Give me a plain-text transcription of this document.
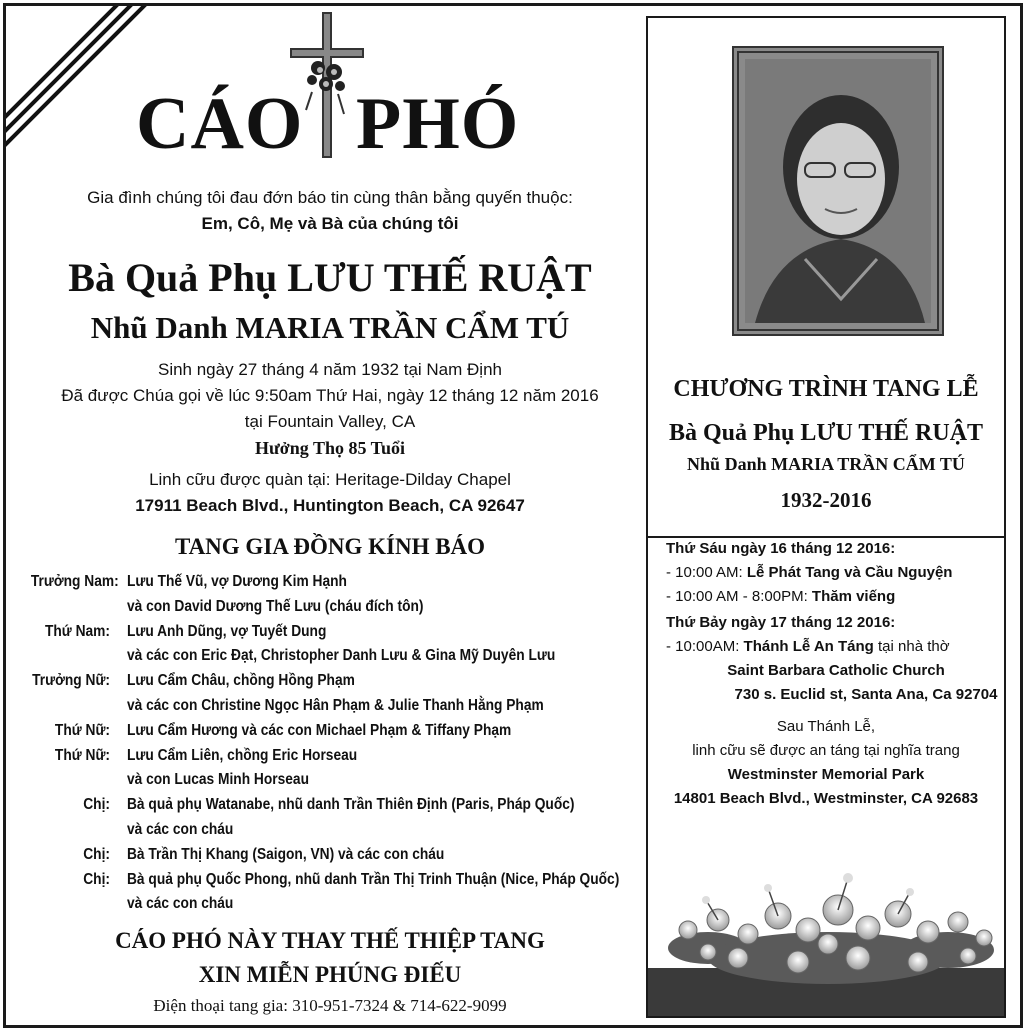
CÁO PHÓ
Gia đình chúng tôi đau đớn báo tin cùng thân bằng quyến thuộc:
Em, Cô, Mẹ và Bà của chúng tôi
Bà Quả Phụ LƯU THẾ RUẬT
Nhũ Danh MARIA TRẦN CẨM TÚ
Sinh ngày 27 tháng 4 năm 1932 tại Nam Định
Đã được Chúa gọi về lúc 9:50am Thứ Hai, ngày 12 tháng 12 năm 2016
tại Fountain Valley, CA
Hưởng Thọ 85 Tuổi
Linh cữu được quàn tại: Heritage-Dilday Chapel
17911 Beach Blvd., Huntington Beach, CA 92647
TANG GIA ĐỒNG KÍNH BÁO
Trưởng Nam: Lưu Thế Vũ, vợ Dương Kim Hạnh
và con David Dương Thế Lưu (cháu đích tôn)
Thứ Nam: Lưu Anh Dũng, vợ Tuyết Dung
và các con Eric Đạt, Christopher Danh Lưu & Gina Mỹ Duyên Lưu
Trưởng Nữ: Lưu Cẩm Châu, chồng Hồng Phạm
và các con Christine Ngọc Hân Phạm & Julie Thanh Hằng Phạm
Thứ Nữ: Lưu Cẩm Hương và các con Michael Phạm & Tiffany Phạm
Thứ Nữ: Lưu Cẩm Liên, chồng Eric Horseau
và con Lucas Minh Horseau
Chị: Bà quả phụ Watanabe, nhũ danh Trần Thiên Định (Paris, Pháp Quốc)
và các con cháu
Chị: Bà Trần Thị Khang (Saigon, VN) và các con cháu
Chị: Bà quả phụ Quốc Phong, nhũ danh Trần Thị Trinh Thuận (Nice, Pháp Quốc)
và các con cháu
CÁO PHÓ NÀY THAY THẾ THIỆP TANG
XIN MIỄN PHÚNG ĐIẾU
Điện thoại tang gia: 310-951-7324 & 714-622-9099
CHƯƠNG TRÌNH TANG LỄ
Bà Quả Phụ LƯU THẾ RUẬT
Nhũ Danh MARIA TRẦN CẨM TÚ
1932-2016
Thứ Sáu ngày 16 tháng 12 2016:
- 10:00 AM: Lễ Phát Tang và Cầu Nguyện
- 10:00 AM - 8:00PM: Thăm viếng
Thứ Bảy ngày 17 tháng 12 2016:
- 10:00AM: Thánh Lễ An Táng tại nhà thờ
Saint Barbara Catholic Church
730 s. Euclid st, Santa Ana, Ca 92704
Sau Thánh Lễ,
linh cữu sẽ được an táng tại nghĩa trang
Westminster Memorial Park
14801 Beach Blvd., Westminster, CA 92683
